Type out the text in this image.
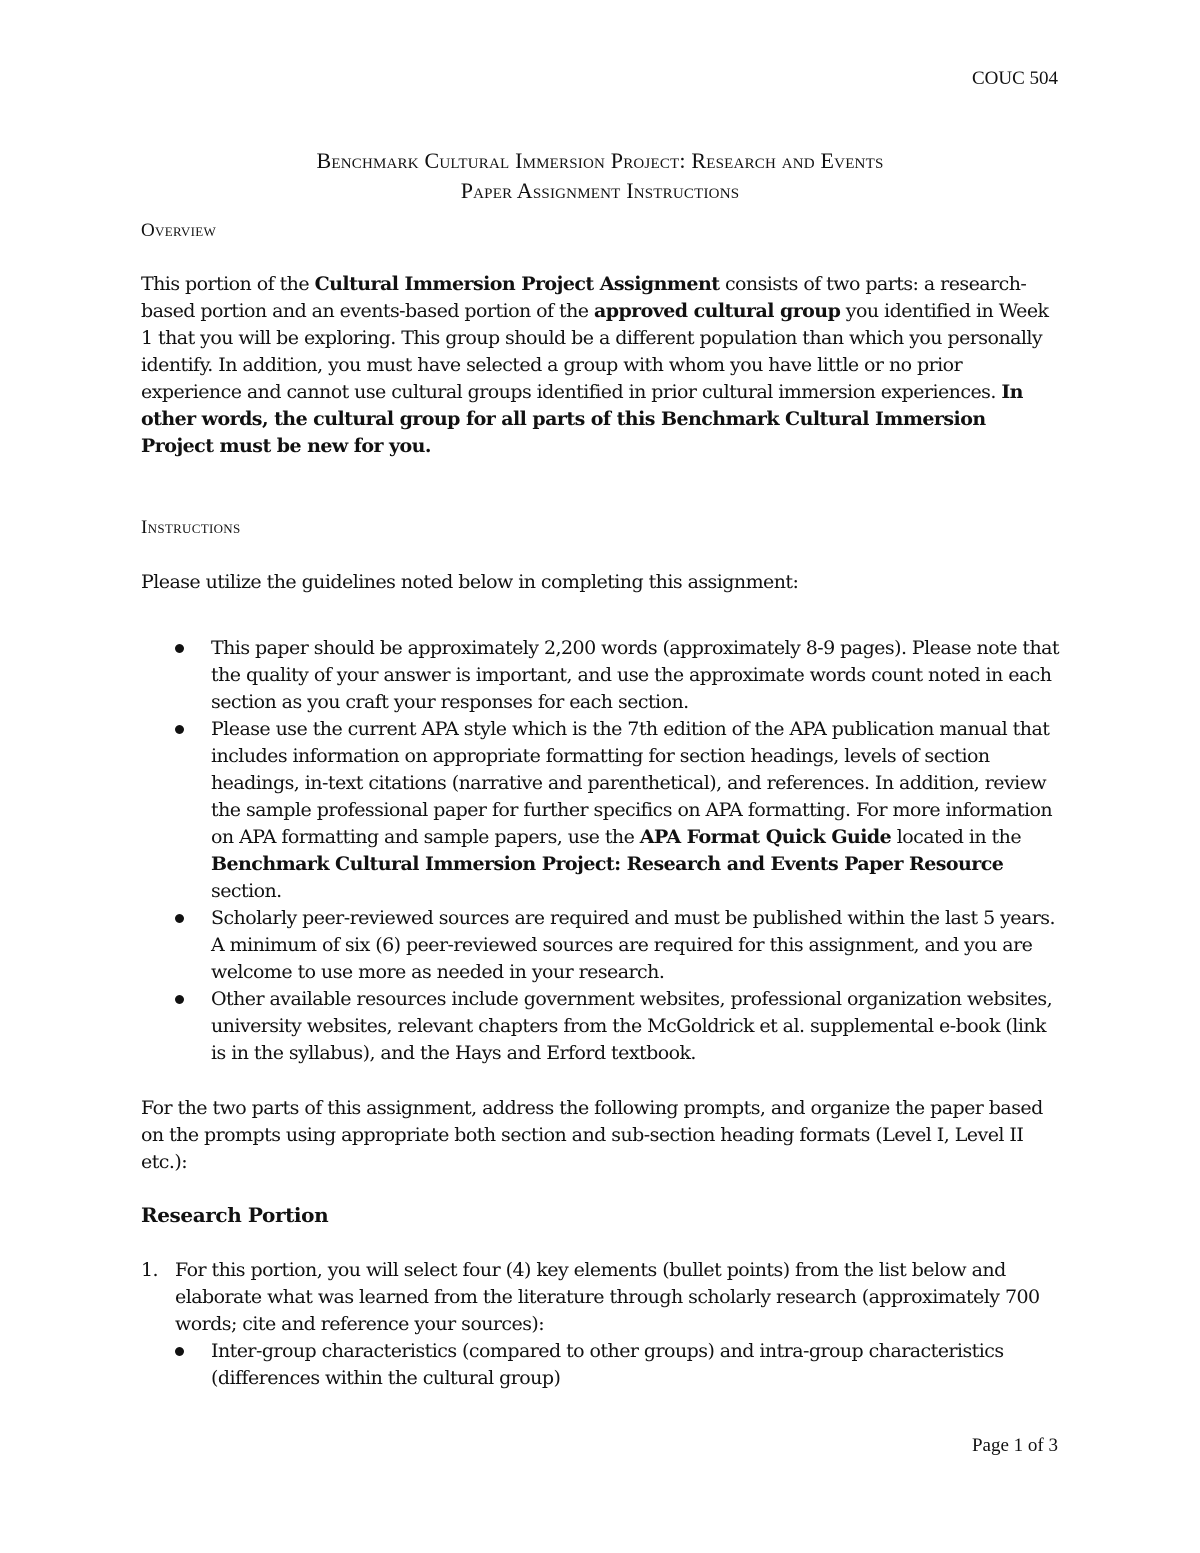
COUC 504
Benchmark Cultural Immersion Project: Research and Events
Paper Assignment Instructions
Overview

This portion of the Cultural Immersion Project Assignment consists of two parts: a research-based portion and an events-based portion of the approved cultural group you identified in Week 1 that you will be exploring. This group should be a different population than which you personally identify. In addition, you must have selected a group with whom you have little or no prior experience and cannot use cultural groups identified in prior cultural immersion experiences. In other words, the cultural group for all parts of this Benchmark Cultural Immersion Project must be new for you.

Instructions
Please utilize the guidelines noted below in completing this assignment:
This paper should be approximately 2,200 words (approximately 8-9 pages). Please note that the quality of your answer is important, and use the approximate words count noted in each section as you craft your responses for each section.
Please use the current APA style which is the 7th edition of the APA publication manual that includes information on appropriate formatting for section headings, levels of section headings, in-text citations (narrative and parenthetical), and references. In addition, review the sample professional paper for further specifics on APA formatting. For more information on APA formatting and sample papers, use the APA Format Quick Guide located in the Benchmark Cultural Immersion Project: Research and Events Paper Resource section.
Scholarly peer-reviewed sources are required and must be published within the last 5 years. A minimum of six (6) peer-reviewed sources are required for this assignment, and you are welcome to use more as needed in your research.
Other available resources include government websites, professional organization websites, university websites, relevant chapters from the McGoldrick et al. supplemental e-book (link is in the syllabus), and the Hays and Erford textbook.
For the two parts of this assignment, address the following prompts, and organize the paper based on the prompts using appropriate both section and sub-section heading formats (Level I, Level II etc.):
Research Portion
1. For this portion, you will select four (4) key elements (bullet points) from the list below and elaborate what was learned from the literature through scholarly research (approximately 700 words; cite and reference your sources):
Inter-group characteristics (compared to other groups) and intra-group characteristics (differences within the cultural group)
Page 1 of 3
